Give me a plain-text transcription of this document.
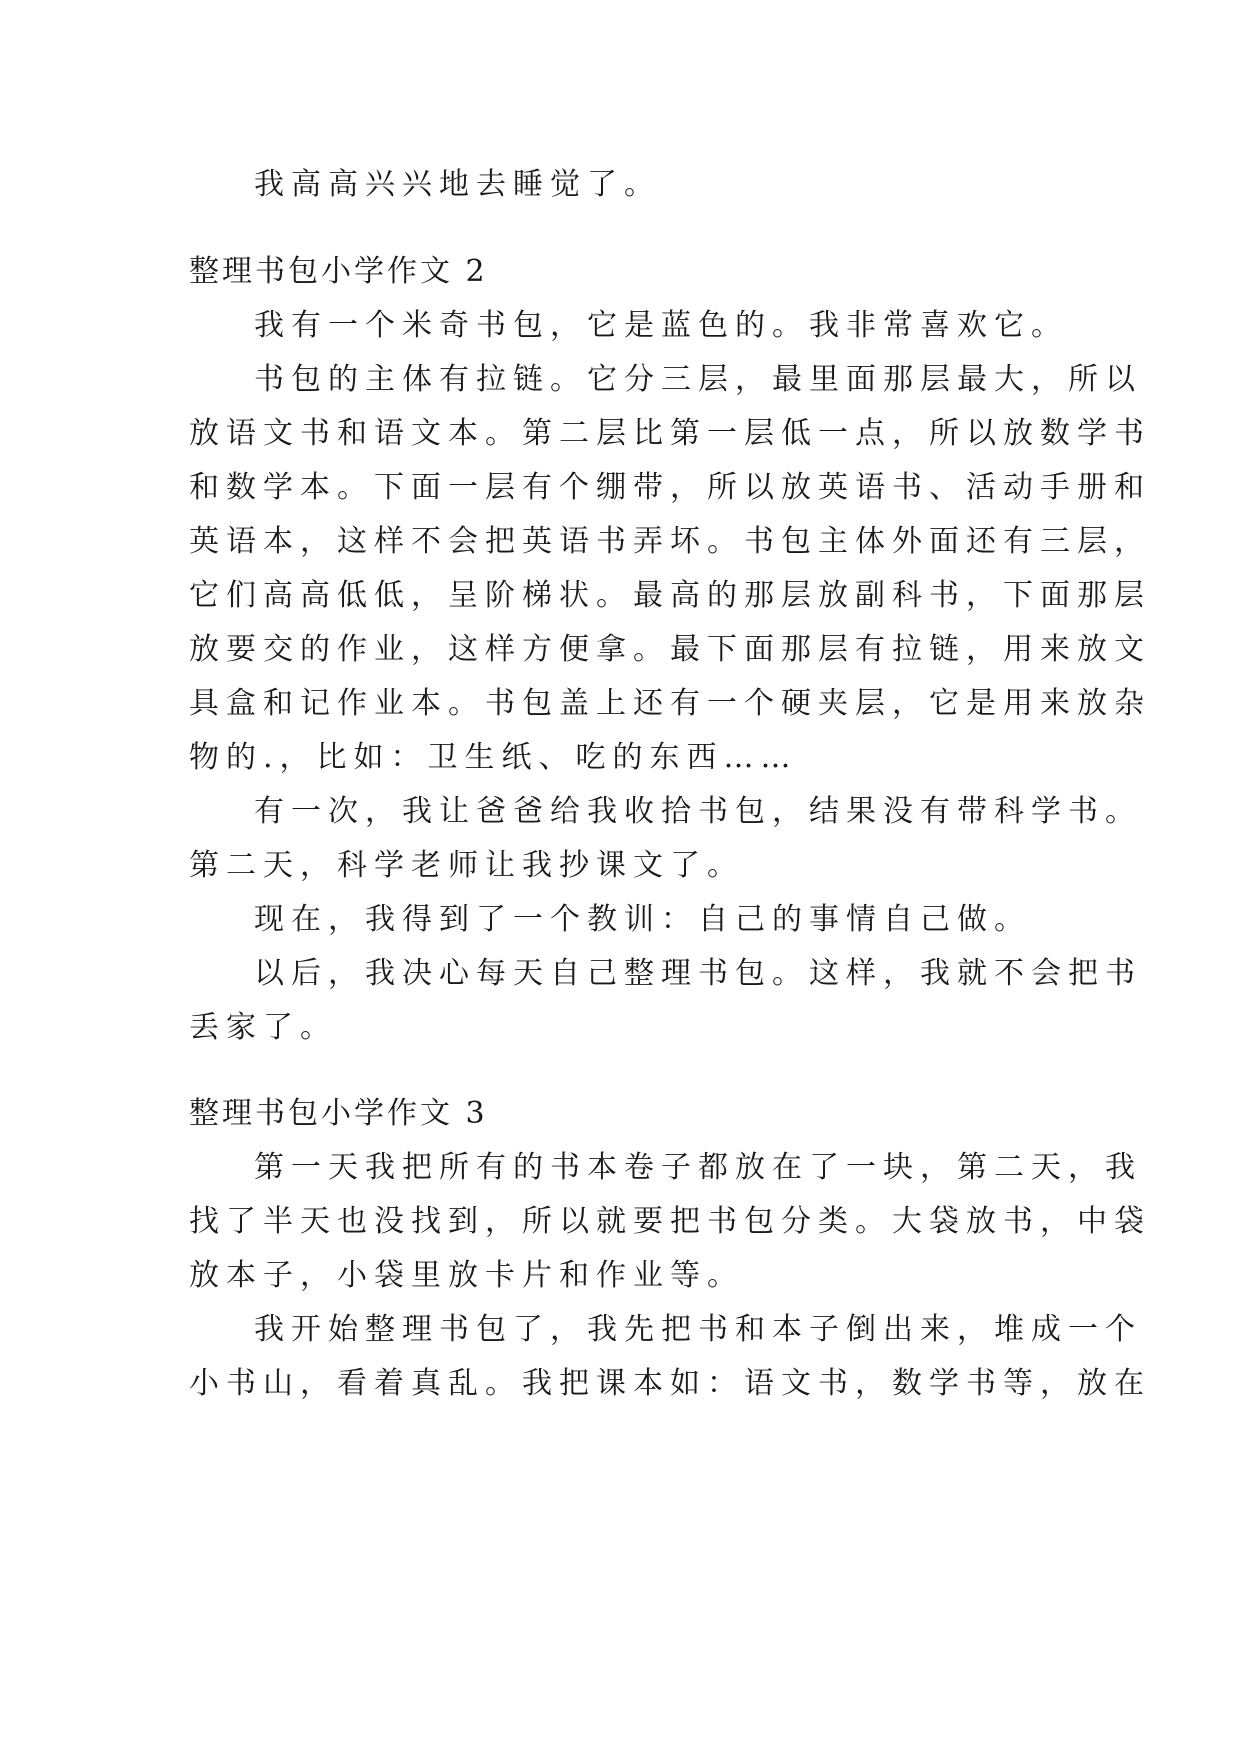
我高高兴兴地去睡觉了。
整理书包小学作文 2
我有一个米奇书包，它是蓝色的。我非常喜欢它。
书包的主体有拉链。它分三层，最里面那层最大，所以
放语文书和语文本。第二层比第一层低一点，所以放数学书
和数学本。下面一层有个绷带，所以放英语书、活动手册和
英语本，这样不会把英语书弄坏。书包主体外面还有三层，
它们高高低低，呈阶梯状。最高的那层放副科书，下面那层
放要交的作业，这样方便拿。最下面那层有拉链，用来放文
具盒和记作业本。书包盖上还有一个硬夹层，它是用来放杂
物的.，比如：卫生纸、吃的东西……
有一次，我让爸爸给我收拾书包，结果没有带科学书。
第二天，科学老师让我抄课文了。
现在，我得到了一个教训：自己的事情自己做。
以后，我决心每天自己整理书包。这样，我就不会把书
丢家了。
整理书包小学作文 3
第一天我把所有的书本卷子都放在了一块，第二天，我
找了半天也没找到，所以就要把书包分类。大袋放书，中袋
放本子，小袋里放卡片和作业等。
我开始整理书包了，我先把书和本子倒出来，堆成一个
小书山，看着真乱。我把课本如：语文书，数学书等，放在
